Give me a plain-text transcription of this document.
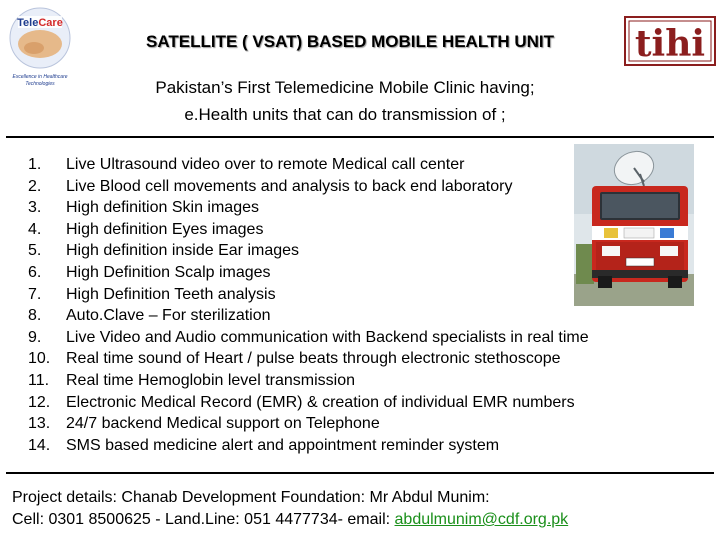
TeleCare
Excellence in Healthcare
Technologies
tihi
SATELLITE ( VSAT) BASED MOBILE HEALTH UNIT
Pakistan’s First Telemedicine Mobile Clinic having;
e.Health units that can do transmission of ;
1. Live Ultrasound video over to remote Medical call center
2. Live Blood cell movements and analysis to back end laboratory
3. High definition Skin images
4. High definition Eyes images
5. High definition inside Ear images
6. High Definition Scalp images
7. High Definition Teeth analysis
8. Auto.Clave – For sterilization
9. Live Video and Audio communication with Backend specialists in real time
10. Real time sound of Heart / pulse beats through electronic stethoscope
11. Real time Hemoglobin level transmission
12. Electronic Medical Record (EMR) & creation of individual EMR numbers
13. 24/7 backend Medical support on Telephone
14. SMS based medicine alert and appointment reminder system
Project details: Chanab Development Foundation: Mr Abdul Munim:
Cell: 0301 8500625 - Land.Line: 051 4477734- email: abdulmunim@cdf.org.pk
